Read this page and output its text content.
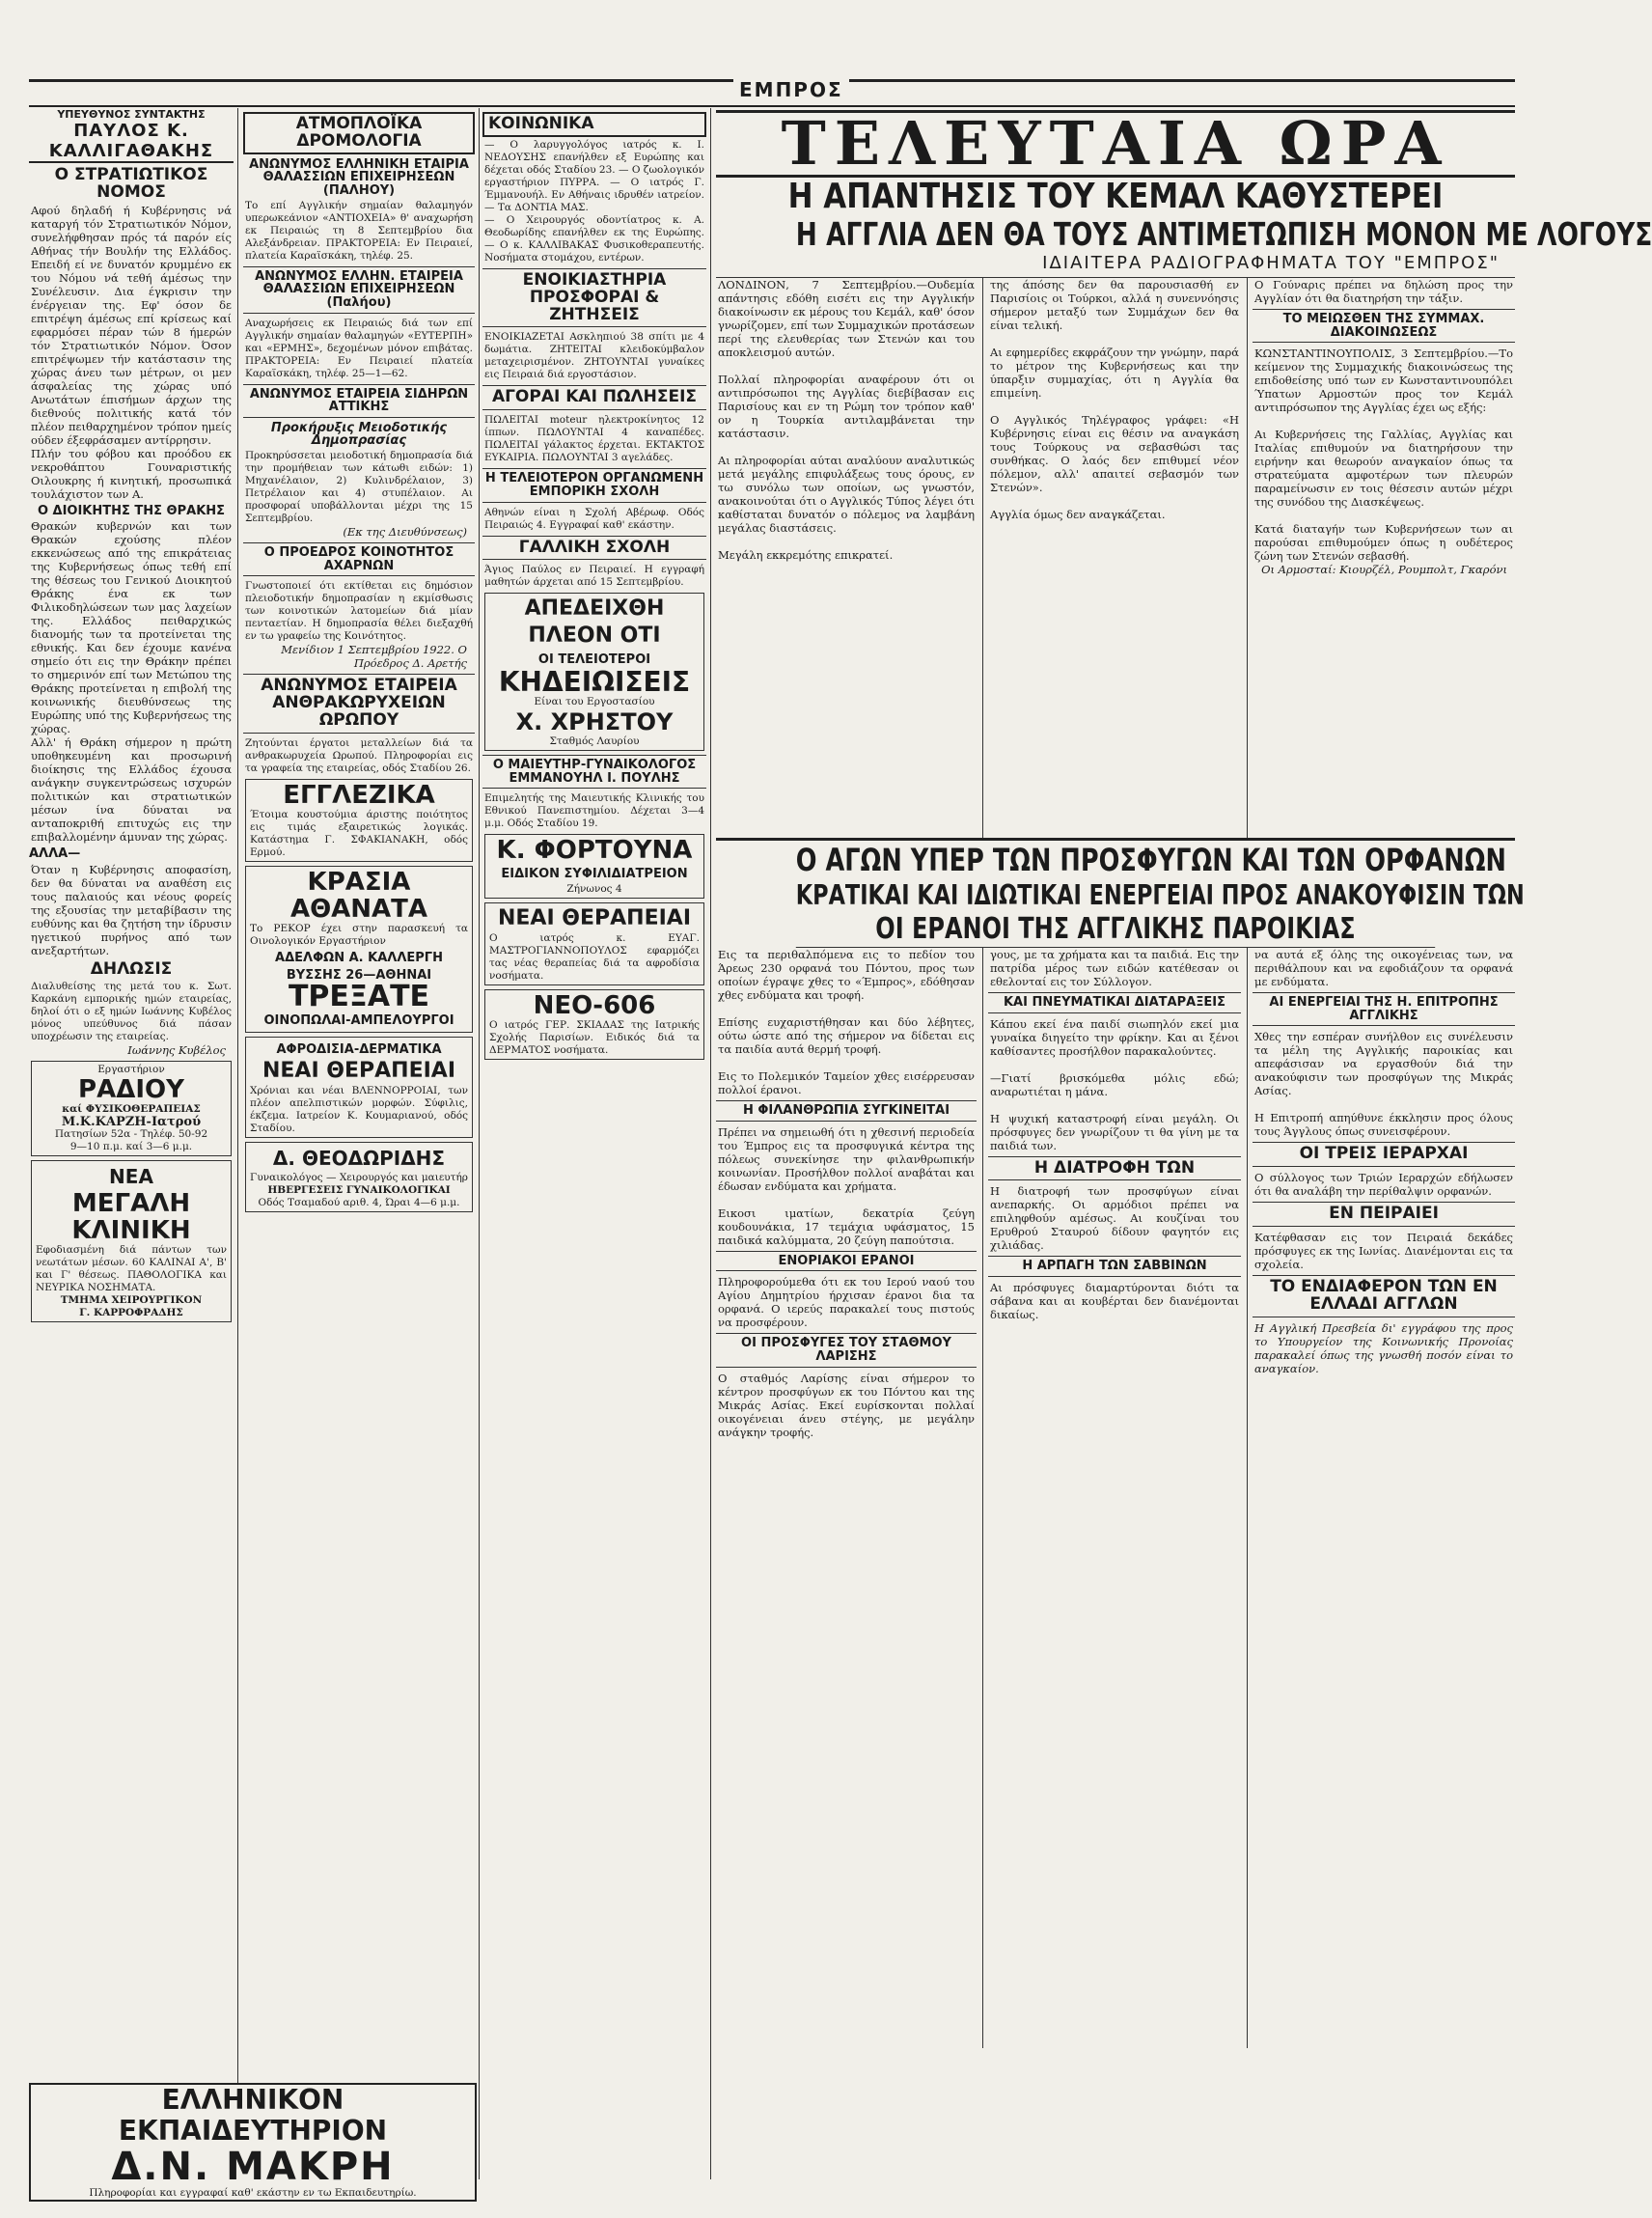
ΕΜΠΡΟΣ
ΥΠΕΥΘΥΝΟΣ ΣΥΝΤΑΚΤΗΣ
ΠΑΥΛΟΣ Κ. ΚΑΛΛΙΓΑΘΑΚΗΣ
Ο ΣΤΡΑΤΙΩΤΙΚΟΣ ΝΟΜΟΣ
Αφού δηλαδή ή Κυβέρνησις νά καταργή τόν Στρατιωτικόν Νόμον, συνελήφθησαν πρός τά παρόν είς Αθήνας τήν Βουλήν της Ελλάδος. Επειδή εί νε δυνατόν κρυμμένο εκ του Νόμου νά τεθή άμέσως την Συνέλευσιν. Δια έγκρισιν την ένέργειαν της. Εφ' όσον δε επιτρέψη άμέσως επί κρίσεως καί εφαρμόσει πέραν τών 8 ήμερών τόν Στρατιωτικόν Νόμον. Όσον επιτρέψωμεν τήν κατάστασιν της χώρας άνευ των μέτρων, οι μεν άσφαλείας της χώρας υπό Ανωτάτων έπισήμων άρχων της διεθνούς πολιτικής κατά τόν πλέον πειθαρχημένον τρόπον ημείς ούδεν έξεφράσαμεν αντίρρησιν.
Πλήν του φόβου και προόδου εκ νεκροθάπτου Γουναριστικής Οιλουκρης ή κινητική, προσωπικά τουλάχιστον των Α.
Ο ΔΙΟΙΚΗΤΗΣ ΤΗΣ ΘΡΑΚΗΣ
Θρακών κυβερνών και των Θρακών εχούσης πλέον εκκενώσεως από της επικράτειας της Κυβερνήσεως όπως τεθή επί της θέσεως του Γενικού Διοικητού Θράκης ένα εκ των Φιλικοδηλώσεων των μας λαχείων της. Ελλάδος πειθαρχικώς διανομής των τα προτείνεται της εθνικής. Και δεν έχουμε κανένα σημείο ότι εις την Θράκην πρέπει το σημερινόν επί των Μετώπου της Θράκης προτείνεται η επιβολή της κοινωνικής διευθύνσεως της Ευρώπης υπό της Κυβερνήσεως της χώρας.
Αλλ' ή Θράκη σήμερον η πρώτη υποθηκευμένη και προσωρινή διοίκησις της Ελλάδος έχουσα ανάγκην συγκεντρώσεως ισχυρών πολιτικών και στρατιωτικών μέσων ίνα δύναται να ανταποκριθή επιτυχώς εις την επιβαλλομένην άμυναν της χώρας.
ΑΛΛΑ—
Όταν η Κυβέρνησις αποφασίση, δεν θα δύναται να αναθέση εις τους παλαιούς και νέους φορείς της εξουσίας την μεταβίβασιν της ευθύνης και θα ζητήση την ίδρυσιν ηγετικού πυρήνος από των ανεξαρτήτων.
ΔΗΛΩΣΙΣ
Διαλυθείσης της μετά του κ. Σωτ. Καρκάνη εμπορικής ημών εταιρείας, δηλοί ότι ο εξ ημών Ιωάννης Κυβέλος μόνος υπεύθυνος διά πάσαν υποχρέωσιν της εταιρείας.
Ιωάννης Κυβέλος
Εργαστήριον
ΡΑΔΙΟΥ
καί ΦΥΣΙΚΟΘΕΡΑΠΕΙΑΣ
Μ.Κ.ΚΑΡΖΗ-Ιατρού
Πατησίων 52α - Τηλέφ. 50-92
9—10 π.μ. καί 3—6 μ.μ.
ΝΕΑ
ΜΕΓΑΛΗ ΚΛΙΝΙΚΗ
Εφοδιασμένη διά πάντων των νεωτάτων μέσων. 60 ΚΑΛΙΝΑΙ Α', Β' και Γ' θέσεως. ΠΑΘΟΛΟΓΙΚΑ και ΝΕΥΡΙΚΑ ΝΟΣΗΜΑΤΑ.
ΤΜΗΜΑ ΧΕΙΡΟΥΡΓΙΚΟΝ
Γ. ΚΑΡΡΟΦΡΑΔΗΣ
ΑΤΜΟΠΛΟΪΚΑ ΔΡΟΜΟΛΟΓΙΑ
ΑΝΩΝΥΜΟΣ ΕΛΛΗΝΙΚΗ ΕΤΑΙΡΙΑ ΘΑΛΑΣΣΙΩΝ ΕΠΙΧΕΙΡΗΣΕΩΝ (ΠΑΛΗΟΥ)
Το επί Αγγλικήν σημαίαν θαλαμηγόν υπερωκεάνιον «ΑΝΤΙΟΧΕΙΑ» θ' αναχωρήση εκ Πειραιώς τη 8 Σεπτεμβρίου δια Αλεξάνδρειαν. ΠΡΑΚΤΟΡΕΙΑ: Εν Πειραιεί, πλατεία Καραϊσκάκη, τηλέφ. 25.
ΑΝΩΝΥΜΟΣ ΕΛΛΗΝ. ΕΤΑΙΡΕΙΑ ΘΑΛΑΣΣΙΩΝ ΕΠΙΧΕΙΡΗΣΕΩΝ (Παλήου)
Αναχωρήσεις εκ Πειραιώς διά των επί Αγγλικήν σημαίαν θαλαμηγών «ΕΥΤΕΡΠΗ» και «ΕΡΜΗΣ», δεχομένων μόνον επιβάτας. ΠΡΑΚΤΟΡΕΙΑ: Εν Πειραιεί πλατεία Καραϊσκάκη, τηλέφ. 25—1—62.
ΑΝΩΝΥΜΟΣ ΕΤΑΙΡΕΙΑ ΣΙΔΗΡΩΝ ΑΤΤΙΚΗΣ
Προκήρυξις Μειοδοτικής Δημοπρασίας
Προκηρύσσεται μειοδοτική δημοπρασία διά την προμήθειαν των κάτωθι ειδών: 1) Μηχανέλαιον, 2) Κυλινδρέλαιον, 3) Πετρέλαιον και 4) στυπέλαιον. Αι προσφοραί υποβάλλονται μέχρι της 15 Σεπτεμβρίου.
(Εκ της Διευθύνσεως)
Ο ΠΡΟΕΔΡΟΣ ΚΟΙΝΟΤΗΤΟΣ ΑΧΑΡΝΩΝ
Γνωστοποιεί ότι εκτίθεται εις δημόσιον πλειοδοτικήν δημοπρασίαν η εκμίσθωσις των κοινοτικών λατομείων διά μίαν πενταετίαν. Η δημοπρασία θέλει διεξαχθή εν τω γραφείω της Κοινότητος.
Μενίδιον 1 Σεπτεμβρίου 1922. Ο Πρόεδρος Δ. Αρετής
ΑΝΩΝΥΜΟΣ ΕΤΑΙΡΕΙΑ ΑΝΘΡΑΚΩΡΥΧΕΙΩΝ ΩΡΩΠΟΥ
Ζητούνται έργατοι μεταλλείων διά τα ανθρακωρυχεία Ωρωπού. Πληροφορίαι εις τα γραφεία της εταιρείας, οδός Σταδίου 26.
ΕΓΓΛΕΖΙΚΑ
Έτοιμα κουστούμια άριστης ποιότητος εις τιμάς εξαιρετικώς λογικάς. Κατάστημα Γ. ΣΦΑΚΙΑΝΑΚΗ, οδός Ερμού.
ΚΡΑΣΙΑ ΑΘΑΝΑΤΑ
Το ΡΕΚΟΡ έχει στην παρασκευή τα Οινολογικόν Εργαστήριον
ΑΔΕΛΦΩΝ Α. ΚΑΛΛΕΡΓΗ
ΒΥΣΣΗΣ 26—ΑΘΗΝΑΙ
ΤΡΕΞΑΤΕ
ΟΙΝΟΠΩΛΑΙ-ΑΜΠΕΛΟΥΡΓΟΙ
ΑΦΡΟΔΙΣΙΑ-ΔΕΡΜΑΤΙΚΑ
ΝΕΑΙ ΘΕΡΑΠΕΙΑΙ
Χρόνιαι και νέαι ΒΛΕΝΝΟΡΡΟΙΑΙ, των πλέον απελπιστικών μορφών. Σύφιλις, έκζεμα. Ιατρείον Κ. Κουμαριανού, οδός Σταδίου.
Δ. ΘΕΟΔΩΡΙΔΗΣ
Γυναικολόγος — Χειρουργός και μαιευτήρ
ΗΒΕΡΓΕΣΕΙΣ ΓΥΝΑΙΚΟΛΟΓΙΚΑΙ
Οδός Τσαμαδού αριθ. 4, Ώραι 4—6 μ.μ.
ΚΟΙΝΩΝΙΚΑ
— Ο λαρυγγολόγος ιατρός κ. Ι. ΝΕΔΟΥΣΗΣ επανήλθεν εξ Ευρώπης και δέχεται οδός Σταδίου 23. — Ο ζωολογικόν εργαστήριον ΠΥΡΡΑ. — Ο ιατρός Γ. Έμμανουήλ. Εν Αθήναις ιδρυθέν ιατρείον. — Τα ΔΟΝΤΙΑ ΜΑΣ.
— Ο Χειρουργός οδοντίατρος κ. Α. Θεοδωρίδης επανήλθεν εκ της Ευρώπης. — Ο κ. ΚΑΛΛΙΒΑΚΑΣ Φυσικοθεραπευτής. Νοσήματα στομάχου, εντέρων.
ΕΝΟΙΚΙΑΣΤΗΡΙΑ ΠΡΟΣΦΟΡΑΙ & ΖΗΤΗΣΕΙΣ
ΕΝΟΙΚΙΑΖΕΤΑΙ Ασκληπιού 38 σπίτι με 4 δωμάτια. ΖΗΤΕΙΤΑΙ κλειδοκύμβαλον μεταχειρισμένον. ΖΗΤΟΥΝΤΑΙ γυναίκες εις Πειραιά διά εργοστάσιον.
ΑΓΟΡΑΙ ΚΑΙ ΠΩΛΗΣΕΙΣ
ΠΩΛΕΙΤΑΙ moteur ηλεκτροκίνητος 12 ίππων. ΠΩΛΟΥΝΤΑΙ 4 καναπέδες. ΠΩΛΕΙΤΑΙ γάλακτος έρχεται. ΕΚΤΑΚΤΟΣ ΕΥΚΑΙΡΙΑ. ΠΩΛΟΥΝΤΑΙ 3 αγελάδες.
Η ΤΕΛΕΙΟΤΕΡΟΝ ΟΡΓΑΝΩΜΕΝΗ ΕΜΠΟΡΙΚΗ ΣΧΟΛΗ
Αθηνών είναι η Σχολή Αβέρωφ. Οδός Πειραιώς 4. Εγγραφαί καθ' εκάστην.
ΓΑΛΛΙΚΗ ΣΧΟΛΗ
Άγιος Παύλος εν Πειραιεί. Η εγγραφή μαθητών άρχεται από 15 Σεπτεμβρίου.
ΑΠΕΔΕΙΧΘΗ ΠΛΕΟΝ ΟΤΙ
ΟΙ ΤΕΛΕΙΟΤΕΡΟΙ
ΚΗΔΕΙΩΙΣΕΙΣ
Είναι του Εργοστασίου
Χ. ΧΡΗΣΤΟΥ
Σταθμός Λαυρίου
Ο ΜΑΙΕΥΤΗΡ-ΓΥΝΑΙΚΟΛΟΓΟΣ ΕΜΜΑΝΟΥΗΛ Ι. ΠΟΥΛΗΣ
Επιμελητής της Μαιευτικής Κλινικής του Εθνικού Πανεπιστημίου. Δέχεται 3—4 μ.μ. Οδός Σταδίου 19.
Κ. ΦΟΡΤΟΥΝΑ
ΕΙΔΙΚΟΝ ΣΥΦΙΛΙΔΙΑΤΡΕΙΟΝ
Ζήνωνος 4
ΝΕΑΙ ΘΕΡΑΠΕΙΑΙ
Ο ιατρός κ. ΕΥΑΓ. ΜΑΣΤΡΟΓΙΑΝΝΟΠΟΥΛΟΣ εφαρμόζει τας νέας θεραπείας διά τα αφροδίσια νοσήματα.
ΝΕΟ-606
Ο ιατρός ΓΕΡ. ΣΚΙΑΔΑΣ της Ιατρικής Σχολής Παρισίων. Ειδικός διά τα ΔΕΡΜΑΤΟΣ νοσήματα.
ΤΕΛΕΥΤΑΙΑ ΩΡΑ
Η ΑΠΑΝΤΗΣΙΣ ΤΟΥ ΚΕΜΑΛ ΚΑΘΥΣΤΕΡΕΙ
Η ΑΓΓΛΙΑ ΔΕΝ ΘΑ ΤΟΥΣ ΑΝΤΙΜΕΤΩΠΙΣΗ ΜΟΝΟΝ ΜΕ ΛΟΓΟΥΣ
ΙΔΙΑΙΤΕΡΑ ΡΑΔΙΟΓΡΑΦΗΜΑΤΑ ΤΟΥ "ΕΜΠΡΟΣ"
ΛΟΝΔΙΝΟΝ, 7 Σεπτεμβρίου.—Ουδεμία απάντησις εδόθη εισέτι εις την Αγγλικήν διακοίνωσιν εκ μέρους του Κεμάλ, καθ' όσον γνωρίζομεν, επί των Συμμαχικών προτάσεων περί της ελευθερίας των Στενών και του αποκλεισμού αυτών.

Πολλαί πληροφορίαι αναφέρουν ότι οι αντιπρόσωποι της Αγγλίας διεβίβασαν εις Παρισίους και εν τη Ρώμη τον τρόπον καθ' ον η Τουρκία αντιλαμβάνεται την κατάστασιν.

Αι πληροφορίαι αύται αναλύουν αναλυτικώς μετά μεγάλης επιφυλάξεως τους όρους, εν τω συνόλω των οποίων, ως γνωστόν, ανακοινούται ότι ο Αγγλικός Τύπος λέγει ότι καθίσταται δυνατόν ο πόλεμος να λαμβάνη μεγάλας διαστάσεις.

Μεγάλη εκκρεμότης επικρατεί.
της άπόσης δεν θα παρουσιασθή εν Παρισίοις οι Τούρκοι, αλλά η συνεννόησις σήμερον μεταξύ των Συμμάχων δεν θα είναι τελική.

Αι εφημερίδες εκφράζουν την γνώμην, παρά το μέτρον της Κυβερνήσεως και την ύπαρξιν συμμαχίας, ότι η Αγγλία θα επιμείνη.

Ο Αγγλικός Τηλέγραφος γράφει: «Η Κυβέρνησις είναι εις θέσιν να αναγκάση τους Τούρκους να σεβασθώσι τας συνθήκας. Ο λαός δεν επιθυμεί νέον πόλεμον, αλλ' απαιτεί σεβασμόν των Στενών».

Αγγλία όμως δεν αναγκάζεται.
Ο Γούναρις πρέπει να δηλώση προς την Αγγλίαν ότι θα διατηρήση την τάξιν.
ΤΟ ΜΕΙΩΣΘΕΝ ΤΗΣ ΣΥΜΜΑΧ. ΔΙΑΚΟΙΝΩΣΕΩΣ
ΚΩΝΣΤΑΝΤΙΝΟΥΠΟΛΙΣ, 3 Σεπτεμβρίου.—Το κείμενον της Συμμαχικής διακοινώσεως της επιδοθείσης υπό των εν Κωνσταντινουπόλει Ύπατων Αρμοστών προς τον Κεμάλ αντιπρόσωπον της Αγγλίας έχει ως εξής:

Αι Κυβερνήσεις της Γαλλίας, Αγγλίας και Ιταλίας επιθυμούν να διατηρήσουν την ειρήνην και θεωρούν αναγκαίον όπως τα στρατεύματα αμφοτέρων των πλευρών παραμείνωσιν εν τοις θέσεσιν αυτών μέχρι της συνόδου της Διασκέψεως.

Κατά διαταγήν των Κυβερνήσεων των αι παρούσαι επιθυμούμεν όπως η ουδέτερος ζώνη των Στενών σεβασθή.
Οι Αρμοσταί: Κιουρζέλ, Ρουμπολτ, Γκαρόνι
Ο ΑΓΩΝ ΥΠΕΡ ΤΩΝ ΠΡΟΣΦΥΓΩΝ ΚΑΙ ΤΩΝ ΟΡΦΑΝΩΝ
ΚΡΑΤΙΚΑΙ ΚΑΙ ΙΔΙΩΤΙΚΑΙ ΕΝΕΡΓΕΙΑΙ ΠΡΟΣ ΑΝΑΚΟΥΦΙΣΙΝ ΤΩΝ
ΟΙ ΕΡΑΝΟΙ ΤΗΣ ΑΓΓΛΙΚΗΣ ΠΑΡΟΙΚΙΑΣ
Εις τα περιθαλπόμενα εις το πεδίον του Άρεως 230 ορφανά του Πόντου, προς των οποίων έγραψε χθες το «Έμπρος», εδόθησαν χθες ενδύματα και τροφή.

Επίσης ευχαριστήθησαν και δύο λέβητες, ούτω ώστε από της σήμερον να δίδεται εις τα παιδία αυτά θερμή τροφή.

Εις το Πολεμικόν Ταμείον χθες εισέρρευσαν πολλοί έρανοι.
Η ΦΙΛΑΝΘΡΩΠΙΑ ΣΥΓΚΙΝΕΙΤΑΙ
Πρέπει να σημειωθή ότι η χθεσινή περιοδεία του Έμπρος εις τα προσφυγικά κέντρα της πόλεως συνεκίνησε την φιλανθρωπικήν κοινωνίαν. Προσήλθον πολλοί αναβάται και έδωσαν ενδύματα και χρήματα.

Εικοσι ιματίων, δεκατρία ζεύγη κουδουνάκια, 17 τεμάχια υφάσματος, 15 παιδικά καλύμματα, 20 ζεύγη παπούτσια.
ΕΝΟΡΙΑΚΟΙ ΕΡΑΝΟΙ
Πληροφορούμεθα ότι εκ του Ιερού ναού του Αγίου Δημητρίου ήρχισαν έρανοι δια τα ορφανά. Ο ιερεύς παρακαλεί τους πιστούς να προσφέρουν.
ΟΙ ΠΡΟΣΦΥΓΕΣ ΤΟΥ ΣΤΑΘΜΟΥ ΛΑΡΙΣΗΣ
Ο σταθμός Λαρίσης είναι σήμερον το κέντρον προσφύγων εκ του Πόντου και της Μικράς Ασίας. Εκεί ευρίσκονται πολλαί οικογένειαι άνευ στέγης, με μεγάλην ανάγκην τροφής.
γους, με τα χρήματα και τα παιδιά. Εις την πατρίδα μέρος των ειδών κατέθεσαν οι εθελονταί εις τον Σύλλογον.
ΚΑΙ ΠΝΕΥΜΑΤΙΚΑΙ ΔΙΑΤΑΡΑΞΕΙΣ
Κάπου εκεί ένα παιδί σιωπηλόν εκεί μια γυναίκα διηγείτο την φρίκην. Και αι ξένοι καθίσαντες προσήλθον παρακαλούντες.

—Γιατί βρισκόμεθα μόλις εδώ; αναρωτιέται η μάνα.

Η ψυχική καταστροφή είναι μεγάλη. Οι πρόσφυγες δεν γνωρίζουν τι θα γίνη με τα παιδιά των.
Η ΔΙΑΤΡΟΦΗ ΤΩΝ
Η διατροφή των προσφύγων είναι ανεπαρκής. Οι αρμόδιοι πρέπει να επιληφθούν αμέσως. Αι κουζίναι του Ερυθρού Σταυρού δίδουν φαγητόν εις χιλιάδας.
Η ΑΡΠΑΓΗ ΤΩΝ ΣΑΒΒΙΝΩΝ
Αι πρόσφυγες διαμαρτύρονται διότι τα σάβανα και αι κουβέρται δεν διανέμονται δικαίως.
να αυτά εξ όλης της οικογένειας των, να περιθάλπουν και να εφοδιάζουν τα ορφανά με ενδύματα.
ΑΙ ΕΝΕΡΓΕΙΑΙ ΤΗΣ Η. ΕΠΙΤΡΟΠΗΣ ΑΓΓΛΙΚΗΣ
Χθες την εσπέραν συνήλθον εις συνέλευσιν τα μέλη της Αγγλικής παροικίας και απεφάσισαν να εργασθούν διά την ανακούφισιν των προσφύγων της Μικράς Ασίας.

Η Επιτροπή απηύθυνε έκκλησιν προς όλους τους Άγγλους όπως συνεισφέρουν.
ΟΙ ΤΡΕΙΣ ΙΕΡΑΡΧΑΙ
Ο σύλλογος των Τριών Ιεραρχών εδήλωσεν ότι θα αναλάβη την περίθαλψιν ορφανών.
ΕΝ ΠΕΙΡΑΙΕΙ
Κατέφθασαν εις τον Πειραιά δεκάδες πρόσφυγες εκ της Ιωνίας. Διανέμονται εις τα σχολεία.
ΤΟ ΕΝΔΙΑΦΕΡΟΝ ΤΩΝ ΕΝ ΕΛΛΑΔΙ ΑΓΓΛΩΝ
Η Αγγλική Πρεσβεία δι' εγγράφου της προς το Υπουργείον της Κοινωνικής Προνοίας παρακαλεί όπως της γνωσθή ποσόν είναι το αναγκαίον.
ΕΛΛΗΝΙΚΟΝ ΕΚΠΑΙΔΕΥΤΗΡΙΟΝ
Δ.Ν. ΜΑΚΡΗ
Πληροφορίαι και εγγραφαί καθ' εκάστην εν τω Εκπαιδευτηρίω.
